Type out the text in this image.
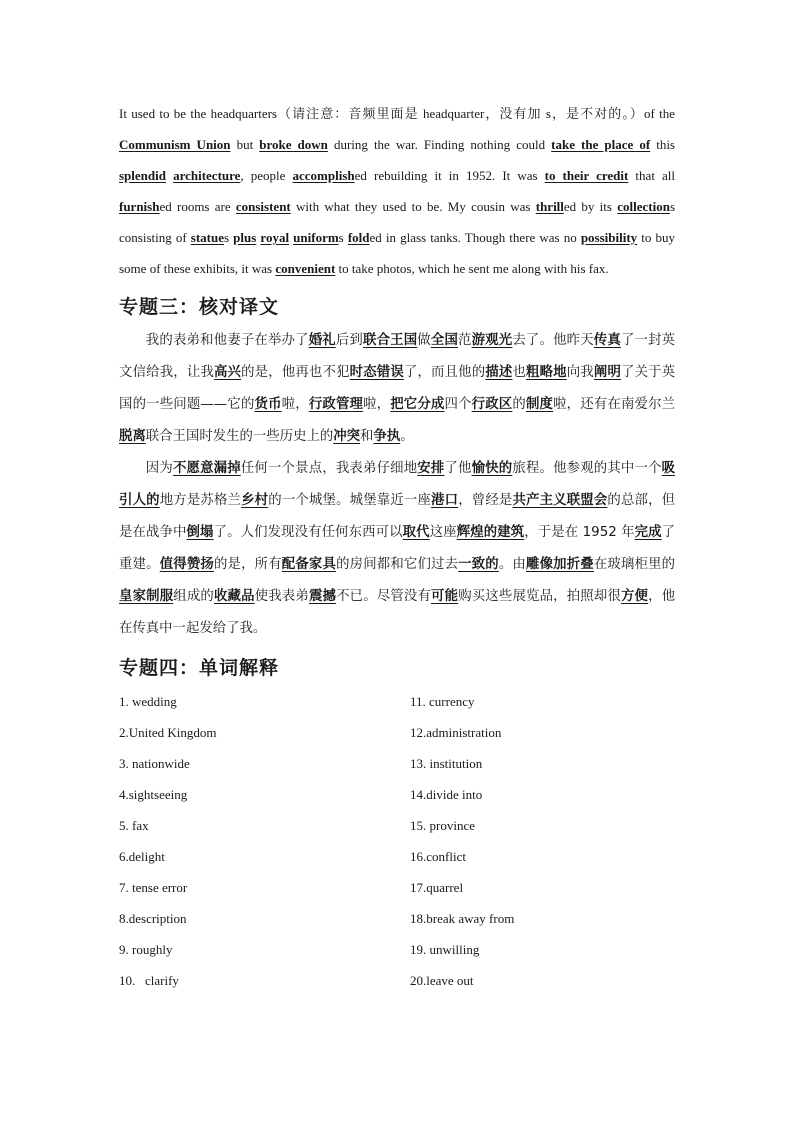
It used to be the headquarters（请注意：音频里面是 headquarter，没有加 s，是不对的。）of the Communism Union but broke down during the war. Finding nothing could take the place of this splendid architecture, people accomplished rebuilding it in 1952. It was to their credit that all furnished rooms are consistent with what they used to be. My cousin was thrilled by its collections consisting of statues plus royal uniforms folded in glass tanks. Though there was no possibility to buy some of these exhibits, it was convenient to take photos, which he sent me along with his fax.

专题三：核对译文

我的表弟和他妻子在举办了婚礼后到联合王国做全国范游观光去了。他昨天传真了一封英文信给我，让我高兴的是，他再也不犯时态错误了，而且他的描述也粗略地向我阐明了关于英国的一些问题——它的货币啦，行政管理啦，把它分成四个行政区的制度啦，还有在南爱尔兰脱离联合王国时发生的一些历史上的冲突和争执。

因为不愿意漏掉任何一个景点，我表弟仔细地安排了他愉快的旅程。他参观的其中一个吸引人的地方是苏格兰乡村的一个城堡。城堡靠近一座港口，曾经是共产主义联盟会的总部，但是在战争中倒塌了。人们发现没有任何东西可以取代这座辉煌的建筑，于是在 1952 年完成了重建。值得赞扬的是，所有配备家具的房间都和它们过去一致的。由雕像加折叠在玻璃柜里的皇家制服组成的收藏品使我表弟震撼不已。尽管没有可能购买这些展览品，拍照却很方便，他在传真中一起发给了我。

专题四：单词解释
1. wedding	11. currency
2.United Kingdom	12.administration
3. nationwide	13. institution
4.sightseeing	14.divide into
5. fax	15. province
6.delight	16.conflict
7. tense error	17.quarrel
8.description	18.break away from
9. roughly	19. unwilling
10.   clarify	20.leave out
